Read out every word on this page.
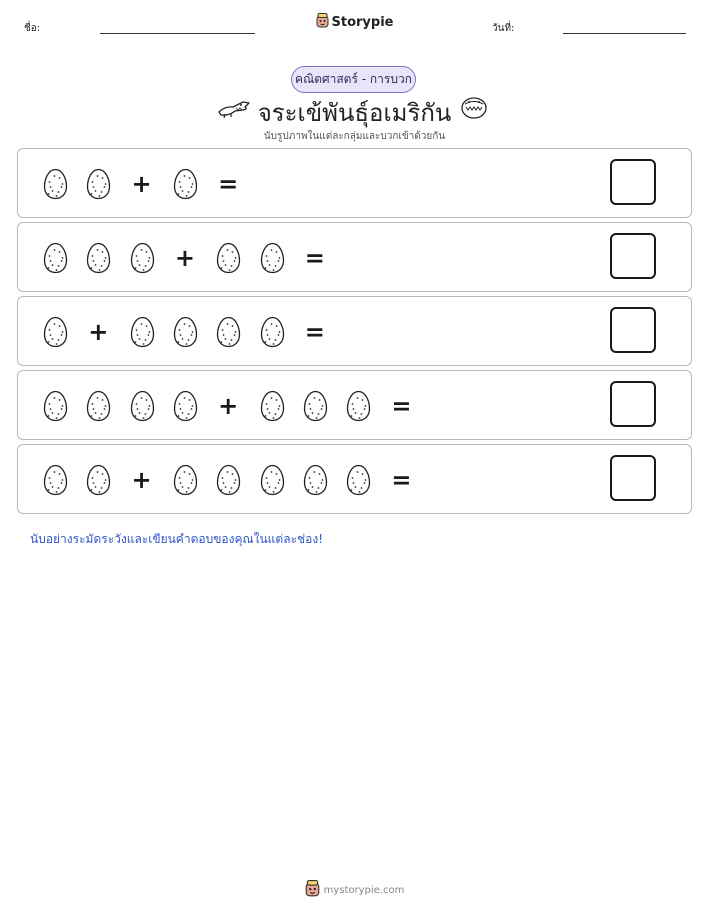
ชื่อ:	Storypie	วันที่:
คณิตศาสตร์ - การบวก
จระเข้พันธุ์อเมริกัน
นับรูปภาพในแต่ละกลุ่มและบวกเข้าด้วยกัน
+	=
+	=
+	=
+	=
+	=
นับอย่างระมัดระวังและเขียนคำตอบของคุณในแต่ละช่อง!
mystorypie.com
